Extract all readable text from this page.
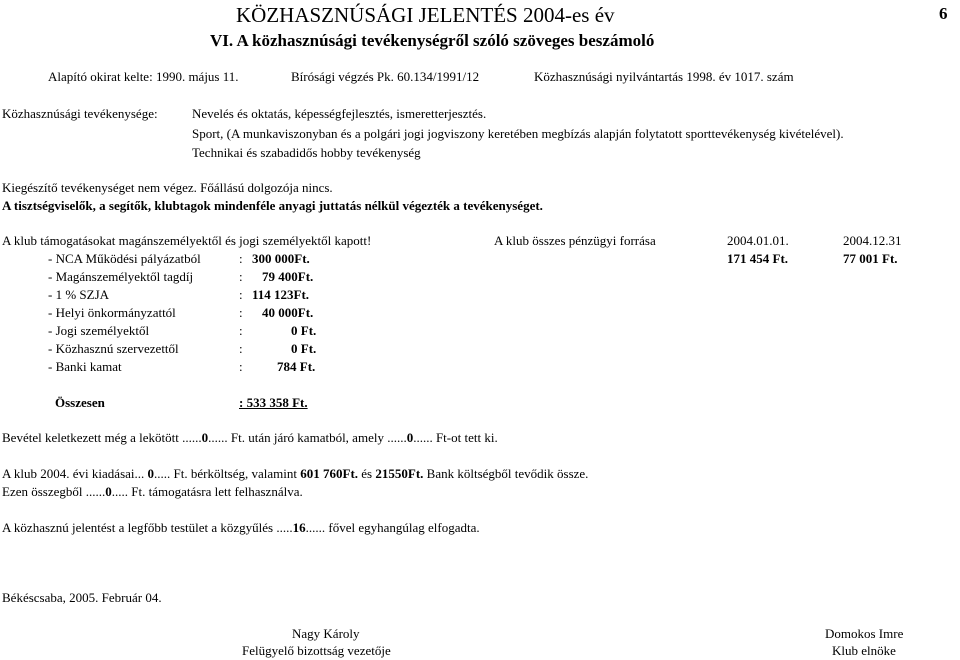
KÖZHASZNÚSÁGI JELENTÉS 2004-es év
VI. A közhasznúsági tevékenységről szóló szöveges beszámoló
6
Alapító okirat kelte: 1990. május 11.	Bírósági végzés Pk. 60.134/1991/12	Közhasznúsági nyilvántartás 1998. év 1017. szám
Közhasznúsági tevékenysége:	Nevelés és oktatás, képességfejlesztés, ismeretterjesztés.
Sport, (A munkaviszonyban és a polgári jogi jogviszony keretében megbízás alapján folytatott sporttevékenység kivételével).
Technikai és szabadidős hobby tevékenység
Kiegészítő tevékenységet nem végez. Főállású dolgozója nincs.
A tisztségviselők, a segítők, klubtagok mindenféle anyagi juttatás nélkül végezték a tevékenységet.
A klub támogatásokat magánszemélyektől és jogi személyektől kapott!	A klub összes pénzügyi forrása	2004.01.01.	2004.12.31
171 454 Ft.	77 001 Ft.
- NCA Működési pályázatból	: 300 000Ft.
- Magánszemélyektől tagdíj	: 79 400Ft.
- 1 % SZJA	: 114 123Ft.
- Helyi önkormányzattól	: 40 000Ft.
- Jogi személyektől	:	0 Ft.
- Közhasznú szervezettől	:	0 Ft.
- Banki kamat	:	784 Ft.
Összesen	: 533 358 Ft.
Bevétel keletkezett még a lekötött ......0...... Ft. után járó kamatból, amely ......0...... Ft-ot tett ki.
A klub 2004. évi kiadásai... 0..... Ft. bérköltség, valamint 601 760Ft. és 21550Ft. Bank költségből tevődik össze.
Ezen összegből ......0..... Ft. támogatásra lett felhasználva.
A közhasznú jelentést a legfőbb testület a közgyűlés .....16...... fővel egyhangúlag elfogadta.
Békéscsaba, 2005. Február 04.
Nagy Károly
Felügyelő bizottság vezetője
Domokos Imre
Klub elnöke
